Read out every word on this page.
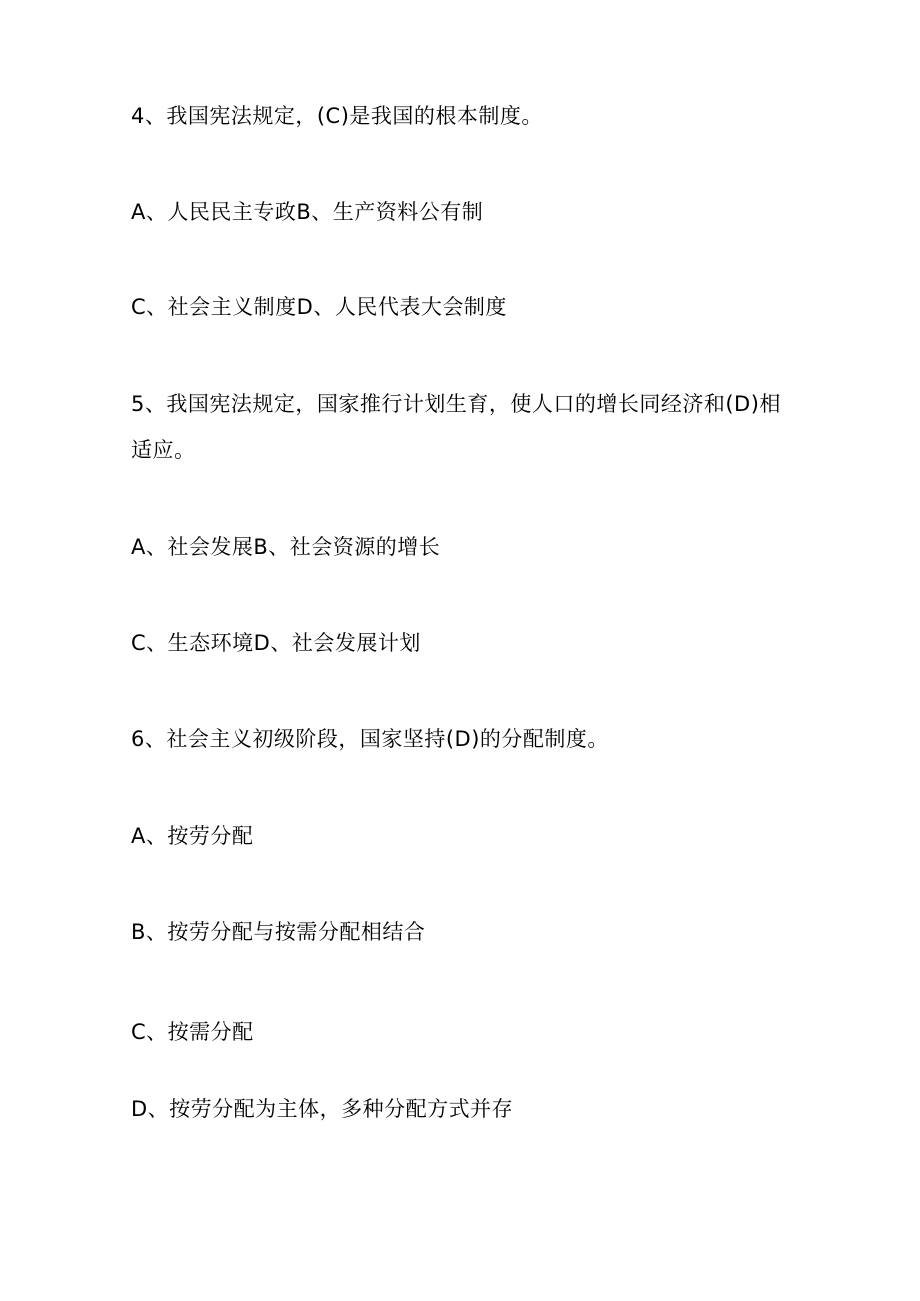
4、我国宪法规定，(C)是我国的根本制度。
A、人民民主专政B、生产资料公有制
C、社会主义制度D、人民代表大会制度
5、我国宪法规定，国家推行计划生育，使人口的增长同经济和(D)相适应。
A、社会发展B、社会资源的增长
C、生态环境D、社会发展计划
6、社会主义初级阶段，国家坚持(D)的分配制度。
A、按劳分配
B、按劳分配与按需分配相结合
C、按需分配
D、按劳分配为主体，多种分配方式并存
